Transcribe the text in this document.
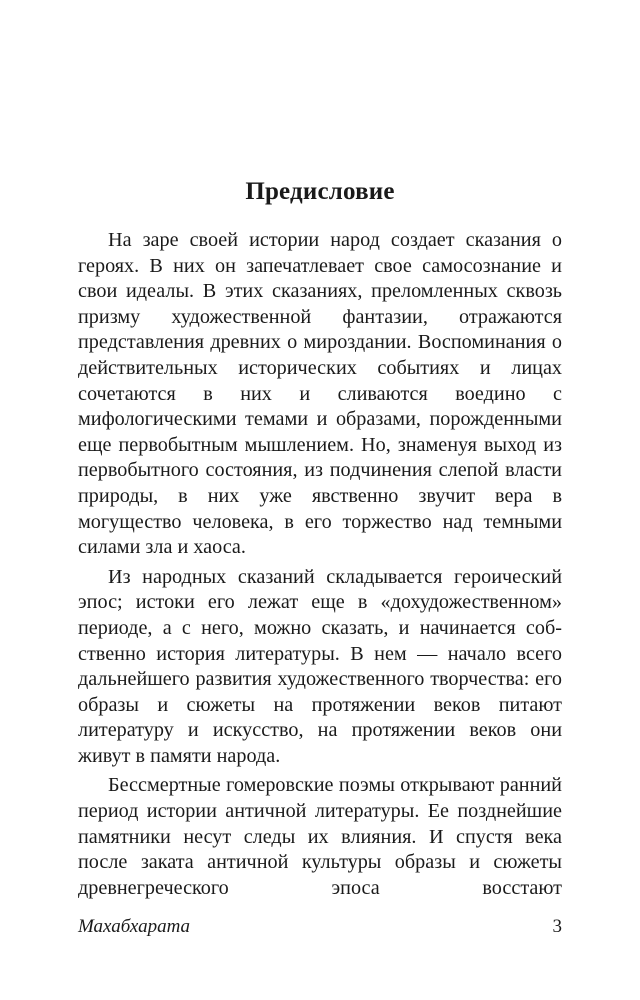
Предисловие

На заре своей истории народ создает сказания о героях. В них он запечатлевает свое самосознание и свои идеалы. В этих сказаниях, преломленных сквозь призму художественной фантазии, отражаются представления древних о мироздании. Воспоминания о действительных исторических событиях и лицах сочетаются в них и сливаются воедино с мифологическими темами и образами, порожденными еще первобытным мышлением. Но, знаменуя выход из первобытного состояния, из подчинения слепой власти природы, в них уже явственно звучит вера в могущество человека, в его торжество над темными силами зла и хаоса.

Из народных сказаний складывается героический эпос; истоки его лежат еще в «дохудожественном» периоде, а с него, можно сказать, и начинается собственно история литературы. В нем — начало всего дальнейшего развития художественного творчества: его образы и сюжеты на протяжении веков питают литературу и искусство, на протяжении веков они живут в памяти народа.

Бессмертные гомеровские поэмы открывают ранний период истории античной литературы. Ее позднейшие памятники несут следы их влияния. И спустя века после заката античной культуры образы и сюжеты древнегреческого эпоса восстают

Махабхарата	3
